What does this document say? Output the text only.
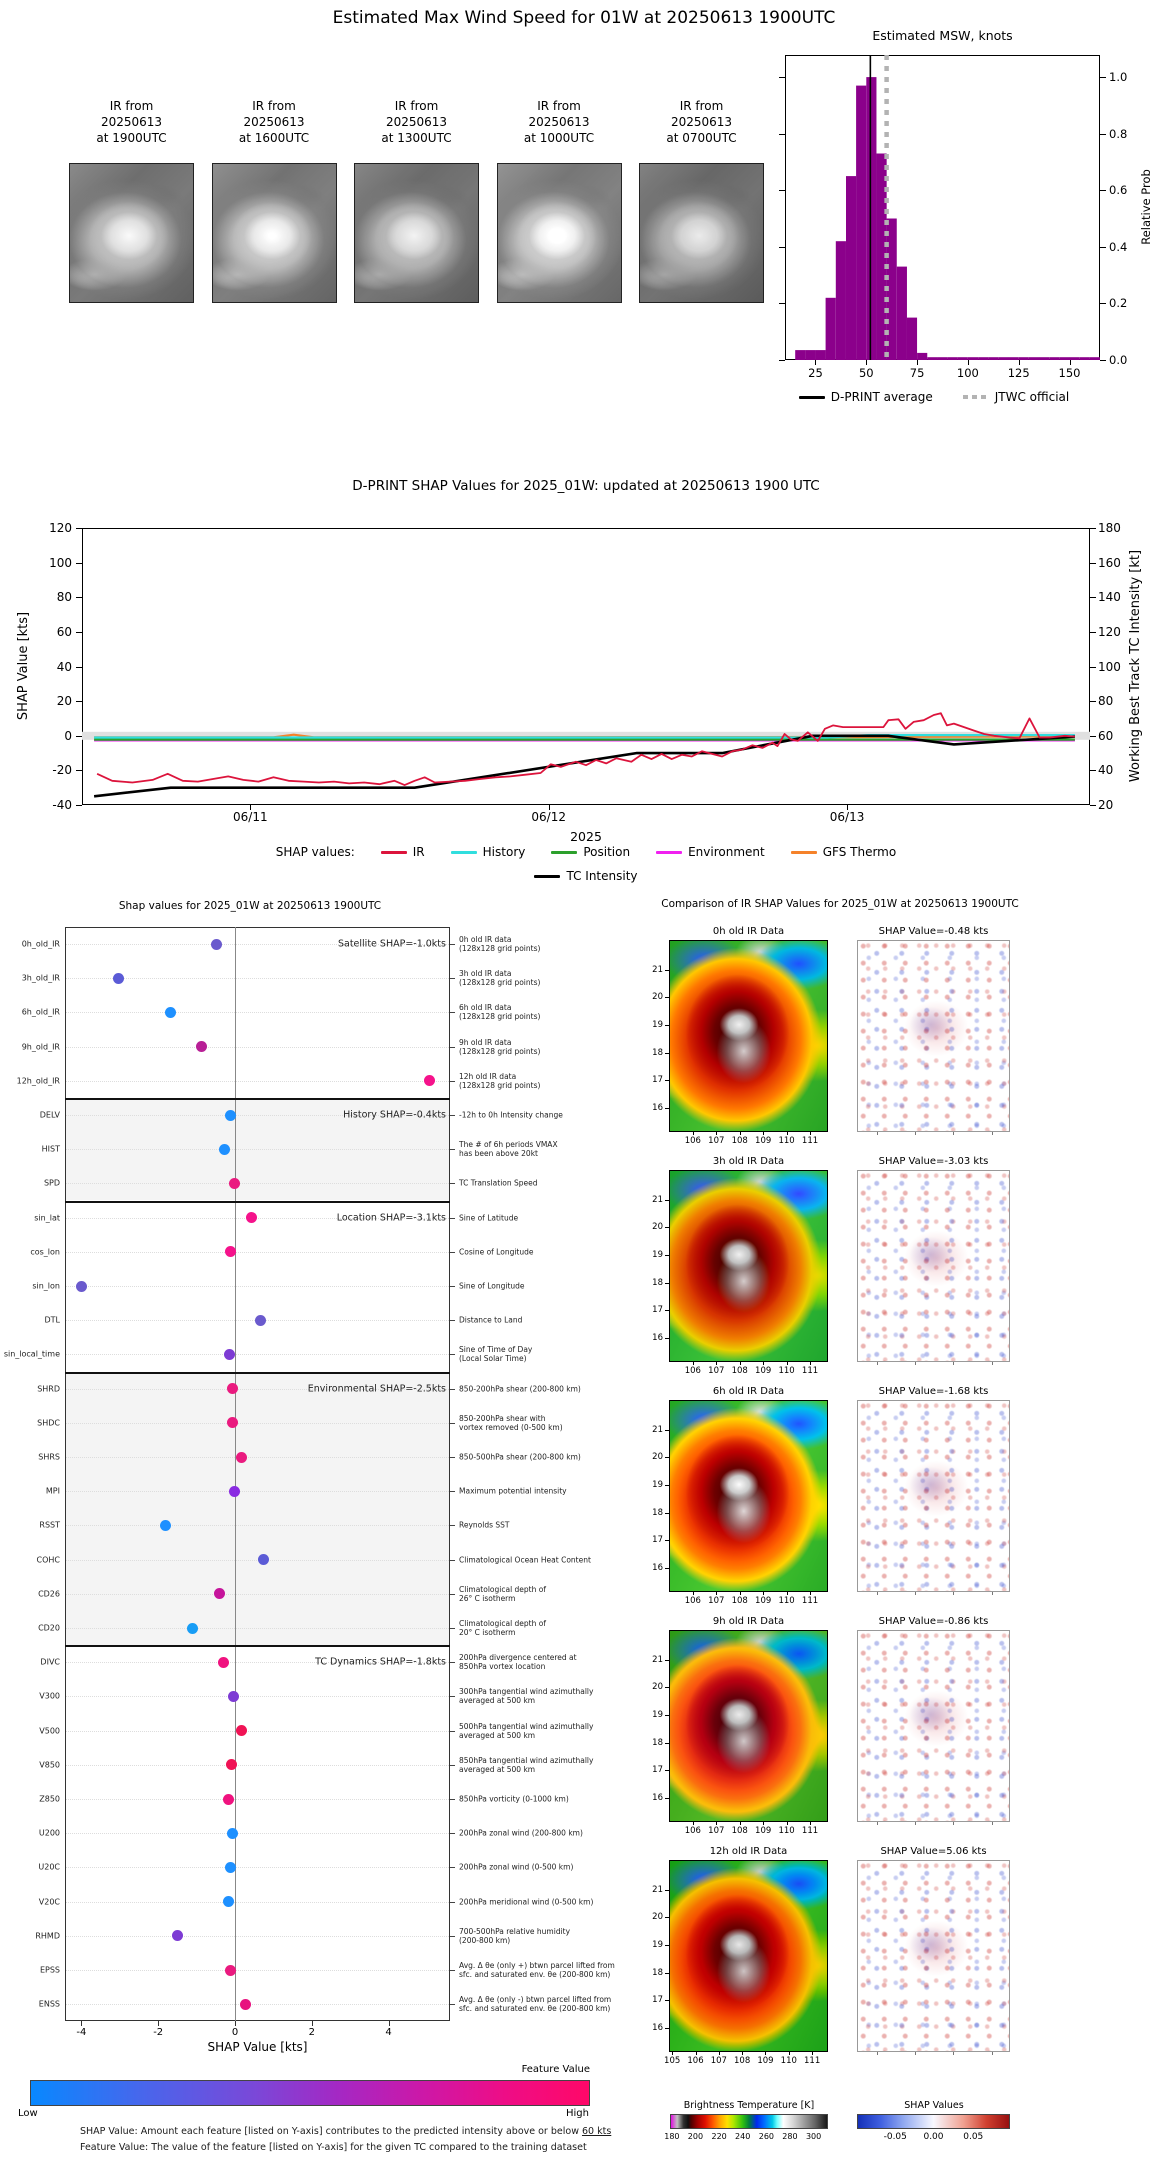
Estimated Max Wind Speed for 01W at 20250613 1900UTC
IR from
20250613
at 1900UTC
IR from
20250613
at 1600UTC
IR from
20250613
at 1300UTC
IR from
20250613
at 1000UTC
IR from
20250613
at 0700UTC
Estimated MSW, knots
Relative Prob
0.0
0.2
0.4
0.6
0.8
1.0
25	50	75	100	125	150
D-PRINT average	JTWC official
D-PRINT SHAP Values for 2025_01W: updated at 20250613 1900 UTC
SHAP Value [kts]	Working Best Track TC Intensity [kt]
2025
SHAP values:	IR	History	Position	Environment	GFS Thermo
TC Intensity
120	180
100	160
80	140
60	120
40	100
20	80
0	60
-20	40
-40	20
06/11	06/12	06/13
Shap values for 2025_01W at 20250613 1900UTC
SHAP Value [kts]
Feature Value
Low	High
SHAP Value: Amount each feature [listed on Y-axis] contributes to the predicted intensity above or below 60 kts
Feature Value: The value of the feature [listed on Y-axis] for the given TC compared to the training dataset
Satellite SHAP=-1.0kts
History SHAP=-0.4kts
Location SHAP=-3.1kts
Environmental SHAP=-2.5kts
TC Dynamics SHAP=-1.8kts
0h_old_IR	0h old IR data
(128x128 grid points)
3h_old_IR	3h old IR data
(128x128 grid points)
6h_old_IR	6h old IR data
(128x128 grid points)
9h_old_IR	9h old IR data
(128x128 grid points)
12h_old_IR	12h old IR data
(128x128 grid points)
DELV	-12h to 0h Intensity change
HIST	The # of 6h periods VMAX
has been above 20kt
SPD	TC Translation Speed
sin_lat	Sine of Latitude
cos_lon	Cosine of Longitude
sin_lon	Sine of Longitude
DTL	Distance to Land
sin_local_time	Sine of Time of Day
(Local Solar Time)
SHRD	850-200hPa shear (200-800 km)
SHDC	850-200hPa shear with
vortex removed (0-500 km)
SHRS	850-500hPa shear (200-800 km)
MPI	Maximum potential intensity
RSST	Reynolds SST
COHC	Climatological Ocean Heat Content
CD26	Climatological depth of
26° C isotherm
CD20	Climatological depth of
20° C isotherm
DIVC	200hPa divergence centered at
850hPa vortex location
V300	300hPa tangential wind azimuthally
averaged at 500 km
V500	500hPa tangential wind azimuthally
averaged at 500 km
V850	850hPa tangential wind azimuthally
averaged at 500 km
Z850	850hPa vorticity (0-1000 km)
U200	200hPa zonal wind (200-800 km)
U20C	200hPa zonal wind (0-500 km)
V20C	200hPa meridional wind (0-500 km)
RHMD	700-500hPa relative humidity
(200-800 km)
EPSS	Avg. Δ θe (only +) btwn parcel lifted from
sfc. and saturated env. θe (200-800 km)
ENSS	Avg. Δ θe (only -) btwn parcel lifted from
sfc. and saturated env. θe (200-800 km)
-4	-2	0	2	4
Comparison of IR SHAP Values for 2025_01W at 20250613 1900UTC
Brightness Temperature [K]	SHAP Values
0h old IR Data	SHAP Value=-0.48 kts
21
20
19
18
17
16
106 107 108 109 110 111
3h old IR Data	SHAP Value=-3.03 kts
21
20
19
18
17
16
106 107 108 109 110 111
6h old IR Data	SHAP Value=-1.68 kts
21
20
19
18
17
16
106 107 108 109 110 111
9h old IR Data	SHAP Value=-0.86 kts
21
20
19
18
17
16
106 107 108 109 110 111
12h old IR Data	SHAP Value=5.06 kts
21
20
19
18
17
16
105 106 107 108 109 110 111
180	200	220	240	260	280	300	-0.05	0.00	0.05
